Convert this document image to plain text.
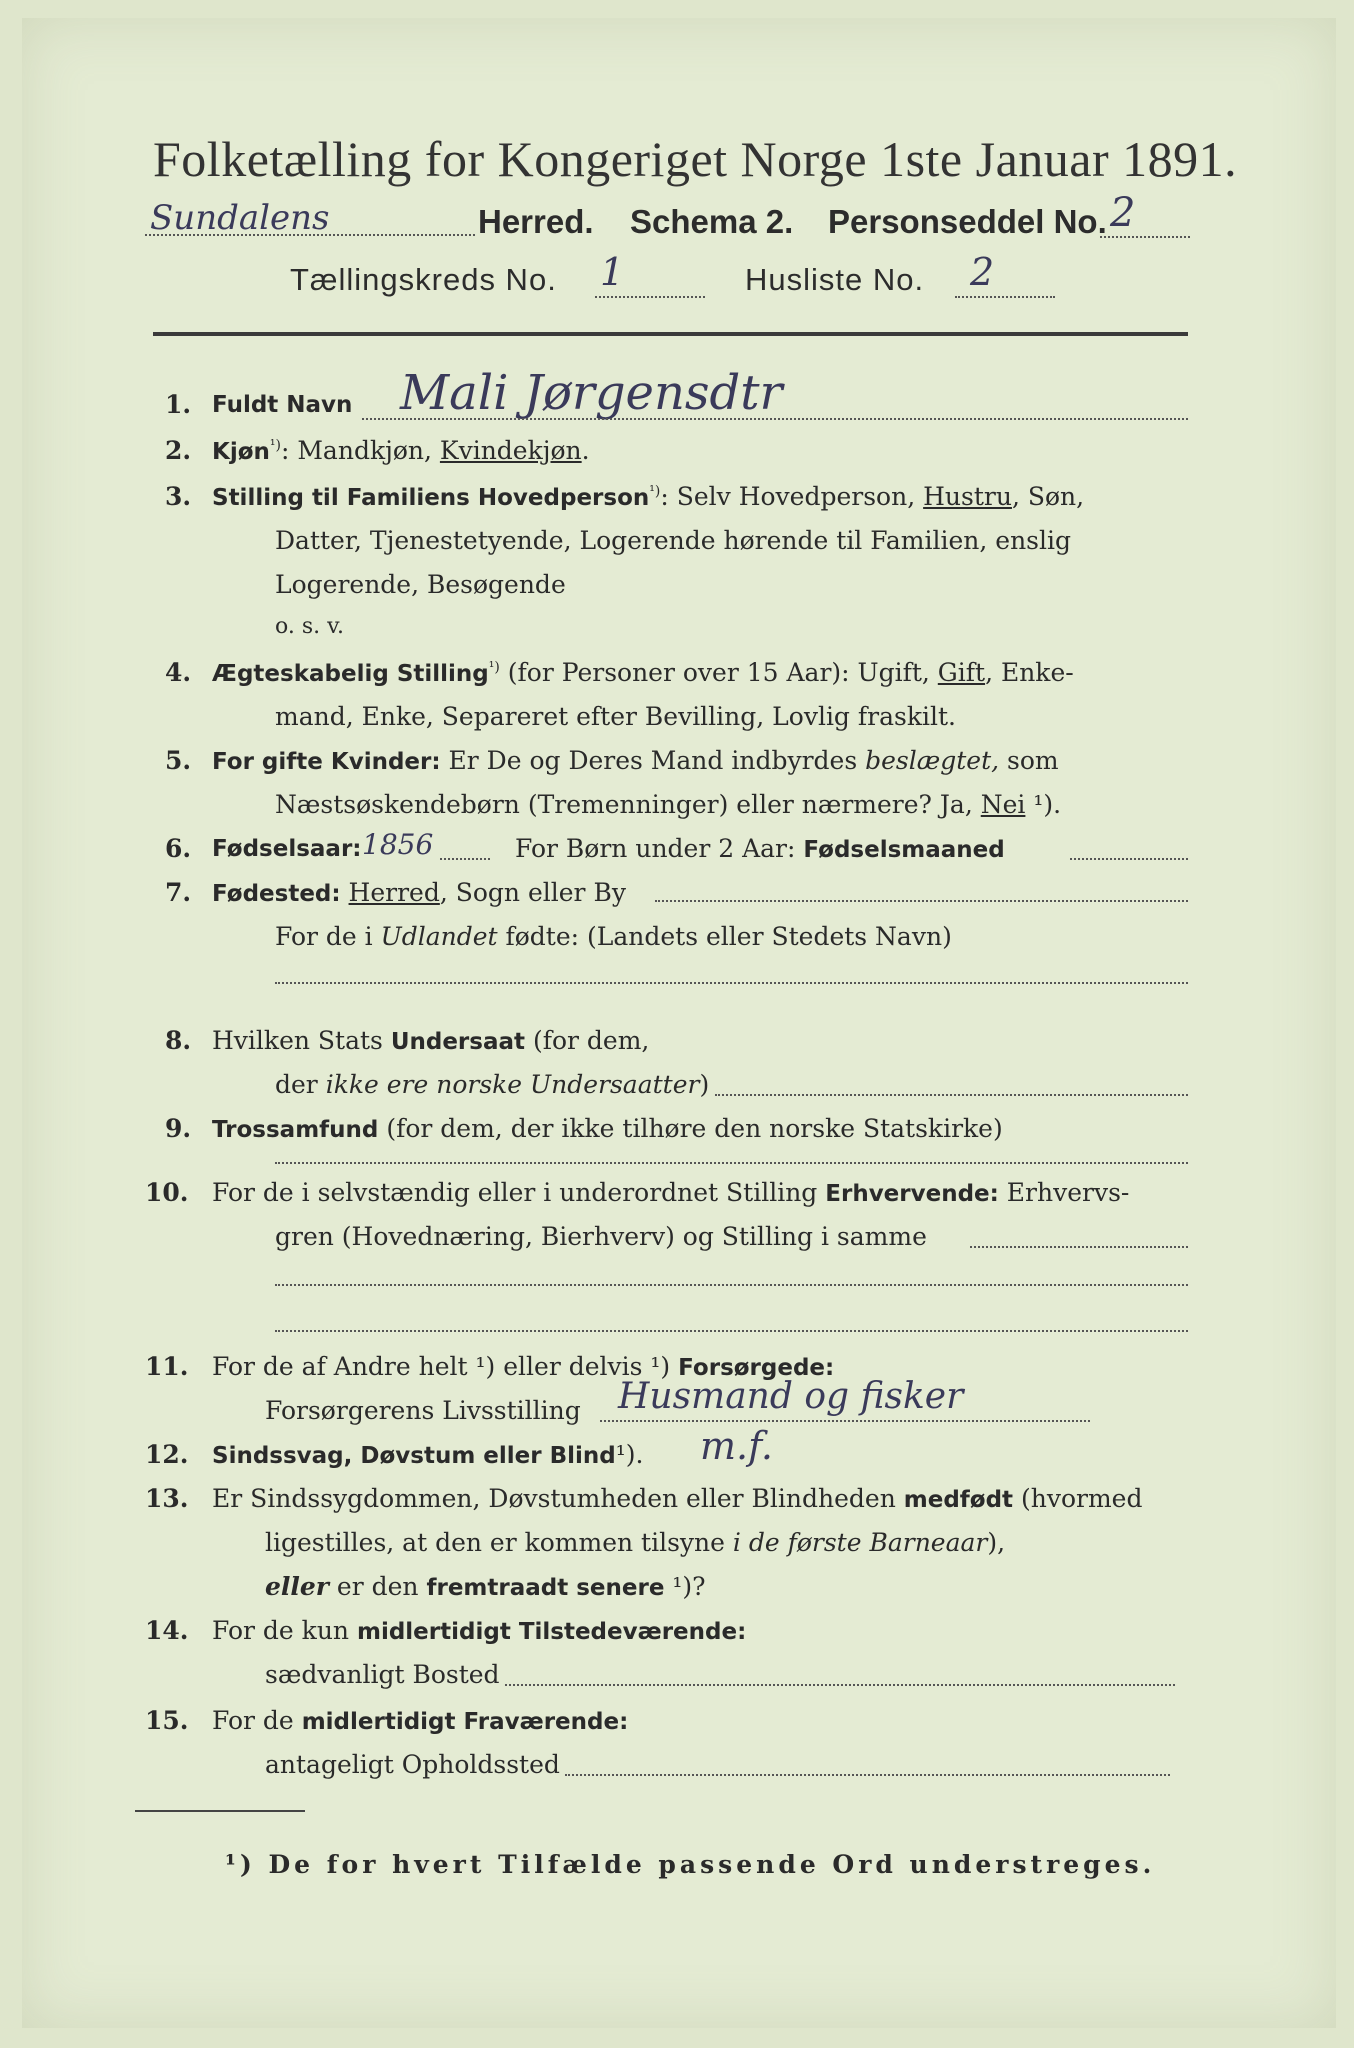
Folketælling for Kongeriget Norge 1ste Januar 1891.
Sundalens	Herred. Schema 2. Personseddel No. 2
Tællingskreds No. 1	Husliste No. 2
1. Fuldt Navn Mali Jørgensdtr
2. Kjøn$^{^1)}$: Mandkjøn, Kvindekjøn.
3. Stilling til Familiens Hovedperson$^{^1)}$: Selv Hovedperson, Hustru, Søn,
Datter, Tjenestetyende, Logerende hørende til Familien, enslig
Logerende, Besøgende
o. s. v.
4. Ægteskabelig Stilling$^{^1)}$ (for Personer over 15 Aar): Ugift, Gift, Enke-
mand, Enke, Separeret efter Bevilling, Lovlig fraskilt.
5. For gifte Kvinder: Er De og Deres Mand indbyrdes beslægtet, som
Næstsøskendebørn (Tremenninger) eller nærmere? Ja, Nei ¹).
6. Fødselsaar: 1856	For Børn under 2 Aar: Fødselsmaaned
7. Fødested: Herred, Sogn eller By
For de i Udlandet fødte: (Landets eller Stedets Navn)
8. Hvilken Stats Undersaat (for dem,
der ikke ere norske Undersaatter)
9. Trossamfund (for dem, der ikke tilhøre den norske Statskirke)
10. For de i selvstændig eller i underordnet Stilling Erhvervende: Erhvervs-
gren (Hovednæring, Bierhverv) og Stilling i samme
11. For de af Andre helt ¹) eller delvis ¹) Forsørgede:
Forsørgerens Livsstilling Husmand og fisker
12. Sindssvag, Døvstum eller Blind¹). m.f.
13. Er Sindssygdommen, Døvstumheden eller Blindheden medfødt (hvormed
ligestilles, at den er kommen tilsyne i de første Barneaar),
eller er den fremtraadt senere ¹)?
14. For de kun midlertidigt Tilstedeværende:
sædvanligt Bosted
15. For de midlertidigt Fraværende:
antageligt Opholdssted
¹) De for hvert Tilfælde passende Ord understreges.
